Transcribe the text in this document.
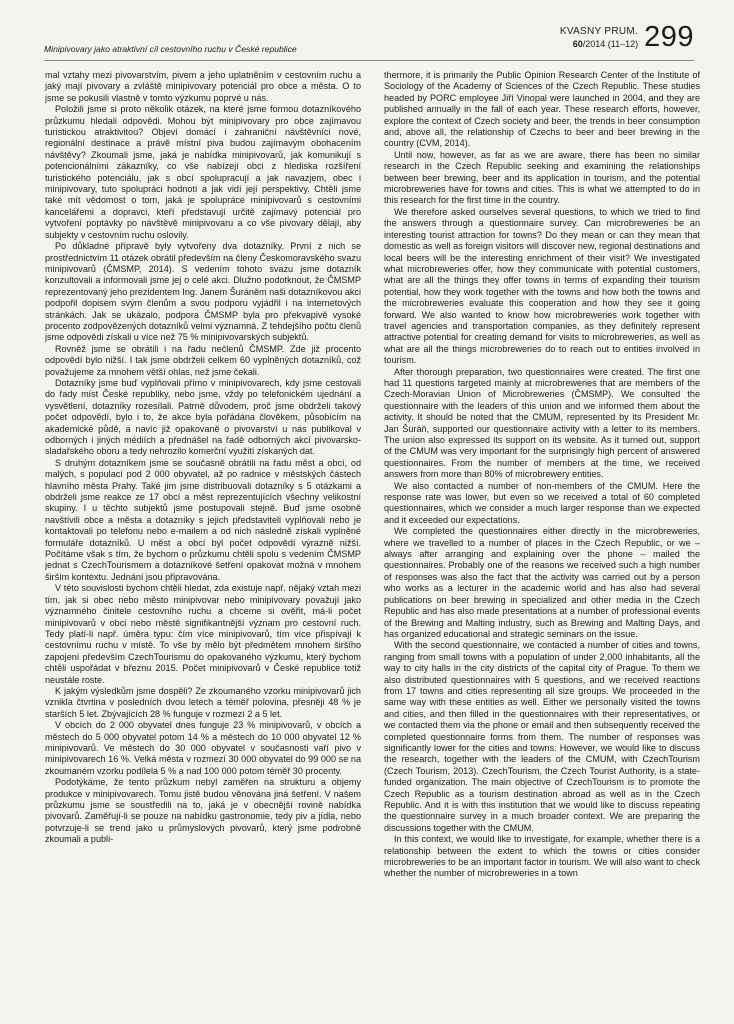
Minipivovary jako atraktivní cíl cestovního ruchu v České republice
KVASNY PRUM.
60/2014 (11–12) 299

mal vztahy mezi pivovarstvím, pivem a jeho uplatněním v cestovním ruchu a jaký mají pivovary a zvláště minipivovary potenciál pro obce a města. O to jsme se pokusili vlastně v tomto výzkumu poprvé u nás.

Položili jsme si proto několik otázek, na které jsme formou dotazníkového průzkumu hledali odpovědi. Mohou být minipivovary pro obce zajímavou turistickou atraktivitou? Objeví domácí i zahraniční návštěvníci nové, regionální destinace a právě místní piva budou zajímavým obohacením návštěvy? Zkoumali jsme, jaká je nabídka minipivovarů, jak komunikují s potencionálními zákazníky, co vše nabízejí obci z hlediska rozšíření turistického potenciálu, jak s obcí spolupracují a jak navazjem, obec i minipivovary, tuto spolupráci hodnotí a jak vidí její perspektivy. Chtěli jsme také mít vědomost o tom, jaká je spolupráce minipivovarů s cestovními kancelářemi a dopravci, kteří představují určitě zajímavý potenciál pro vytvoření poptávky po návštěvě minipivovaru a co vše pivovary dělají, aby subjekty v cestovním ruchu oslovily.

Po důkladné přípravě byly vytvořeny dva dotazníky. První z nich se prostřednictvím 11 otázek obrátil především na členy Českomoravského svazu minipivovarů (ČMSMP, 2014). S vedením tohoto svazu jsme dotazník konzultovali a informovali jsme jej o celé akci. Dlužno podotknout, že ČMSMP reprezentovaný jeho prezidentem Ing. Janem Šuráněm naši dotazníkovou akci podpořil dopisem svým členům a svou podporu vyjádřil i na internetových stránkách. Jak se ukázalo, podpora ČMSMP byla pro překvapivě vysoké procento zodpovězených dotazníků velmi významná. Z tehdejšího počtu členů jsme odpovědi získali u více než 75 % minipivovarských subjektů.

Rovněž jsme se obrátili i na řadu nečlenů ČMSMP. Zde již procento odpovědí bylo nižší. I tak jsme obdrželi celkem 60 vyplněných dotazníků, což považujeme za mnohem větší ohlas, než jsme čekali.

Dotazníky jsme buď vyplňovali přímo v minipivovarech, kdy jsme cestovali do řady míst České republiky, nebo jsme, vždy po telefonickém ujednání a vysvětlení, dotazníky rozesílali. Patrně důvodem, proč jsme obdrželi takový počet odpovědí, bylo i to, že akce byla pořádána člověkem, působícím na akademické půdě, a navíc již opakovaně o pivovarství u nás publikoval v odborných i jiných médiích a přednášel na řadě odborných akcí pivovarsko-sladařského oboru a tedy nehrozilo komerční využití získaných dat.

S druhým dotazníkem jsme se současně obrátili na řadu měst a obcí, od malých, s populací pod 2 000 obyvatel, až po radnice v městských částech hlavního města Prahy. Také jim jsme distribuovali dotazníky s 5 otázkami a obdrželi jsme reakce ze 17 obcí a měst reprezentujících všechny velikostní skupiny. I u těchto subjektů jsme postupovali stejně. Buď jsme osobně navštívili obce a města a dotazníky s jejich představiteli vyplňovali nebo je kontaktovali po telefonu nebo e-mailem a od nich následně získali vyplněné formuláře dotazníků. U měst a obcí byl počet odpovědí výrazně nižší. Počítáme však s tím, že bychom o průzkumu chtěli spolu s vedením ČMSMP jednat s CzechTourismem a dotazníkové šetření opakovat možná v mnohem širším kontextu. Jednání jsou připravována.

V této souvislosti bychom chtěli hledat, zda existuje např. nějaký vztah mezi tím, jak si obec nebo město minipivovar nebo minipivovary považují jako významného činitele cestovního ruchu a chceme si ověřit, má-li počet minipivovarů v obci nebo městě signifikantnější význam pro cestovní ruch. Tedy platí-li např. úměra typu: čím více minipivovarů, tím více přispívají k cestovnímu ruchu v místě. To vše by mělo být předmětem mnohem širšího zapojení především CzechTourismu do opakovaného výzkumu, který bychom chtěli uspořádat v březnu 2015. Počet minipivovarů v České republice totiž neustále roste.

K jakým výsledkům jsme dospěli? Ze zkoumaného vzorku minipivovarů jich vznikla čtvrtina v posledních dvou letech a téměř polovina, přesněji 48 % je starších 5 let. Zbývajících 28 % funguje v rozmezí 2 a 5 let.

V obcích do 2 000 obyvatel dnes funguje 23 % minipivovarů, v obcích a městech do 5 000 obyvatel potom 14 % a městech do 10 000 obyvatel 12 % minipivovarů. Ve městech do 30 000 obyvatel v současnosti vaří pivo v minipivovarech 16 %. Velká města v rozmezí 30 000 obyvatel do 99 000 se na zkoumaném vzorku podílela 5 % a nad 100 000 potom téměř 30 procenty.

Podotýkáme, že tento průzkum nebyl zaměřen na strukturu a objemy produkce v minipivovarech. Tomu jistě budou věnována jiná šetření. V našem průzkumu jsme se soustředili na to, jaká je v obecnější rovině nabídka pivovarů. Zaměřují-li se pouze na nabídku gastronomie, tedy piv a jídla, nebo potvrzuje-li se trend jako u průmyslových pivovarů, který jsme podrobně zkoumali a publi-

thermore, it is primarily the Public Opinion Research Center of the Institute of Sociology of the Academy of Sciences of the Czech Republic. These studies headed by PORC employee Jiří Vinopal were launched in 2004, and they are published annually in the fall of each year. These research efforts, however, explore the context of Czech society and beer, the trends in beer consumption and, above all, the relationship of Czechs to beer and beer brewing in the country (CVM, 2014).

Until now, however, as far as we are aware, there has been no similar research in the Czech Republic seeking and examining the relationships between beer brewing, beer and its application in tourism, and the potential microbreweries have for towns and cities. This is what we attempted to do in this research for the first time in the country.

We therefore asked ourselves several questions, to which we tried to find the answers through a questionnaire survey. Can microbreweries be an interesting tourist attraction for towns? Do they mean or can they mean that domestic as well as foreign visitors will discover new, regional destinations and local beers will be the interesting enrichment of their visit? We investigated what microbreweries offer, how they communicate with potential customers, what are all the things they offer towns in terms of expanding their tourism potential, how they work together with the towns and how both the towns and the microbreweries evaluate this cooperation and how they see it going forward. We also wanted to know how microbreweries work together with travel agencies and transportation companies, as they definitely represent attractive potential for creating demand for visits to microbreweries, as well as what are all the things microbreweries do to reach out to entities involved in tourism.

After thorough preparation, two questionnaires were created. The first one had 11 questions targeted mainly at microbreweries that are members of the Czech-Moravian Union of Microbreweries (ČMSMP). We consulted the questionnaire with the leaders of this union and we informed them about the activity. It should be noted that the CMUM, represented by its President Mr. Jan Šuráň, supported our questionnaire activity with a letter to its members. The union also expressed its support on its website. As it turned out, support of the CMUM was very important for the surprisingly high percent of answered questionnaires. From the number of members at the time, we received answers from more than 80% of microbrewery entities.

We also contacted a number of non-members of the CMUM. Here the response rate was lower, but even so we received a total of 60 completed questionnaires, which we consider a much larger response than we expected and it exceeded our expectations.

We completed the questionnaires either directly in the microbreweries, where we travelled to a number of places in the Czech Republic, or we – always after arranging and explaining over the phone – mailed the questionnaires. Probably one of the reasons we received such a high number of responses was also the fact that the activity was carried out by a person who works as a lecturer in the academic world and has also had several publications on beer brewing in specialized and other media in the Czech Republic and has also made presentations at a number of professional events of the Brewing and Malting industry, such as Brewing and Malting Days, and has organized educational and strategic seminars on the issue.

With the second questionnaire, we contacted a number of cities and towns, ranging from small towns with a population of under 2,000 inhabitants, all the way to city halls in the city districts of the capital city of Prague. To them we also distributed questionnaires with 5 questions, and we received reactions from 17 towns and cities representing all size groups. We proceeded in the same way with these entities as well. Either we personally visited the towns and cities, and then filled in the questionnaires with their representatives, or we contacted them via the phone or email and then subsequently received the completed questionnaire forms from them. The number of responses was significantly lower for the cities and towns. However, we would like to discuss the research, together with the leaders of the CMUM, with CzechTourism (Czech Tourism, 2013). CzechTourism, the Czech Tourist Authority, is a state-funded organization. The main objective of CzechTourism is to promote the Czech Republic as a tourism destination abroad as well as in the Czech Republic. And it is with this institution that we would like to discuss repeating the questionnaire survey in a much broader context. We are preparing the discussions together with the CMUM.

In this context, we would like to investigate, for example, whether there is a relationship between the extent to which the towns or cities consider microbreweries to be an important factor in tourism. We will also want to check whether the number of microbreweries in a town
